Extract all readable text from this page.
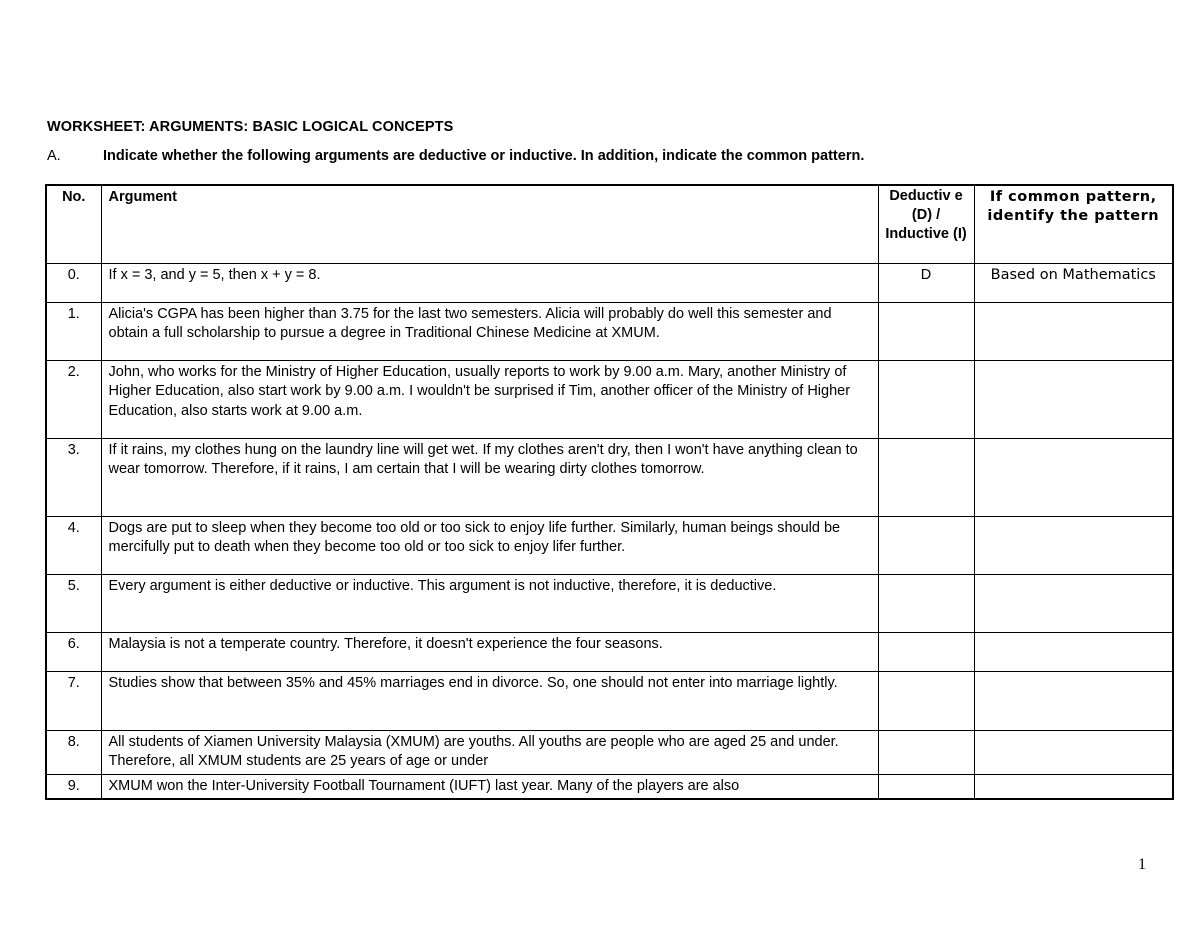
WORKSHEET: ARGUMENTS: BASIC LOGICAL CONCEPTS
A.	Indicate whether the following arguments are deductive or inductive. In addition, indicate the common pattern.
No.	Argument	Deductiv e (D) / Inductive (I)	If common pattern, identify the pattern
0.	If x = 3, and y = 5, then x + y = 8.	D	Based on Mathematics
1.	Alicia's CGPA has been higher than 3.75 for the last two semesters. Alicia will probably do well this semester and obtain a full scholarship to pursue a degree in Traditional Chinese Medicine at XMUM.		
2.	John, who works for the Ministry of Higher Education, usually reports to work by 9.00 a.m. Mary, another Ministry of Higher Education, also start work by 9.00 a.m. I wouldn't be surprised if Tim, another officer of the Ministry of Higher Education, also starts work at 9.00 a.m.		
3.	If it rains, my clothes hung on the laundry line will get wet. If my clothes aren't dry, then I won't have anything clean to wear tomorrow. Therefore, if it rains, I am certain that I will be wearing dirty clothes tomorrow.		
4.	Dogs are put to sleep when they become too old or too sick to enjoy life further. Similarly, human beings should be mercifully put to death when they become too old or too sick to enjoy lifer further.		
5.	Every argument is either deductive or inductive. This argument is not inductive, therefore, it is deductive.		
6.	Malaysia is not a temperate country. Therefore, it doesn't experience the four seasons.		
7.	Studies show that between 35% and 45% marriages end in divorce. So, one should not enter into marriage lightly.		
8.	All students of Xiamen University Malaysia (XMUM) are youths. All youths are people who are aged 25 and under. Therefore, all XMUM students are 25 years of age or under		
9.	XMUM won the Inter-University Football Tournament (IUFT) last year. Many of the players are also		
1
